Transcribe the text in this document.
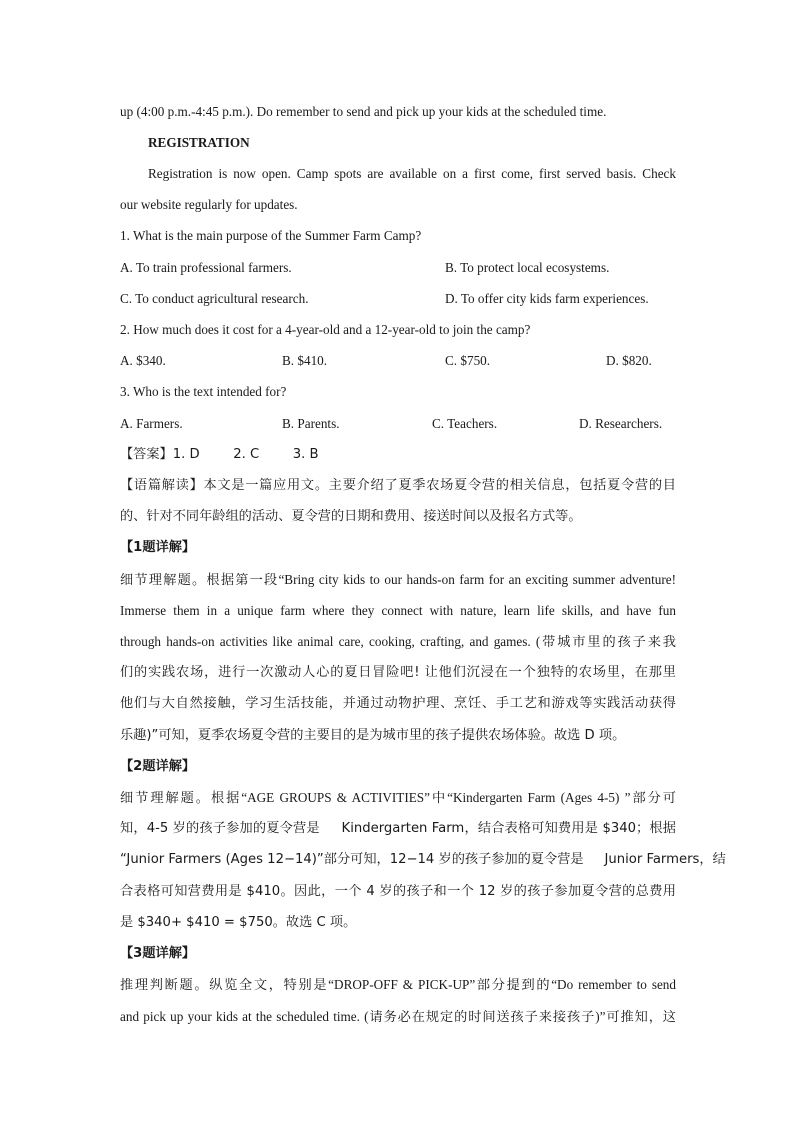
up (4:00 p.m.-4:45 p.m.). Do remember to send and pick up your kids at the scheduled time.
REGISTRATION
Registration is now open. Camp spots are available on a first come, first served basis. Check
our website regularly for updates.
1. What is the main purpose of the Summer Farm Camp?
A. To train professional farmers.	B. To protect local ecosystems.
C. To conduct agricultural research.	D. To offer city kids farm experiences.
2. How much does it cost for a 4-year-old and a 12-year-old to join the camp?
A. $340.	B. $410.	C. $750.	D. $820.
3. Who is the text intended for?
A. Farmers.	B. Parents.	C. Teachers.	D. Researchers.
【答案】1. D        2. C        3. B
【语篇解读】本文是一篇应用文。主要介绍了夏季农场夏令营的相关信息，包括夏令营的目
的、针对不同年龄组的活动、夏令营的日期和费用、接送时间以及报名方式等。
【1题详解】
细节理解题。根据第一段“Bring city kids to our hands-on farm for an exciting summer adventure!
Immerse them in a unique farm where they connect with nature, learn life skills, and have fun
through hands-on activities like animal care, cooking, crafting, and games. (带城市里的孩子来我
们的实践农场，进行一次激动人心的夏日冒险吧! 让他们沉浸在一个独特的农场里，在那里
他们与大自然接触，学习生活技能，并通过动物护理、烹饪、手工艺和游戏等实践活动获得
乐趣)”可知，夏季农场夏令营的主要目的是为城市里的孩子提供农场体验。故选 D 项。
【2题详解】
细节理解题。根据“AGE GROUPS & ACTIVITIES”中“Kindergarten Farm (Ages 4-5) ”部分可
知，4-5 岁的孩子参加的夏令营是     Kindergarten Farm，结合表格可知费用是 $340；根据
“Junior Farmers (Ages 12−14)”部分可知，12−14 岁的孩子参加的夏令营是     Junior Farmers，结
合表格可知营费用是 $410。因此，一个 4 岁的孩子和一个 12 岁的孩子参加夏令营的总费用
是 $340+ $410 = $750。故选 C 项。
【3题详解】
推理判断题。纵览全文，特别是“DROP-OFF & PICK-UP”部分提到的“Do remember to send
and pick up your kids at the scheduled time. (请务必在规定的时间送孩子来接孩子)”可推知，这
